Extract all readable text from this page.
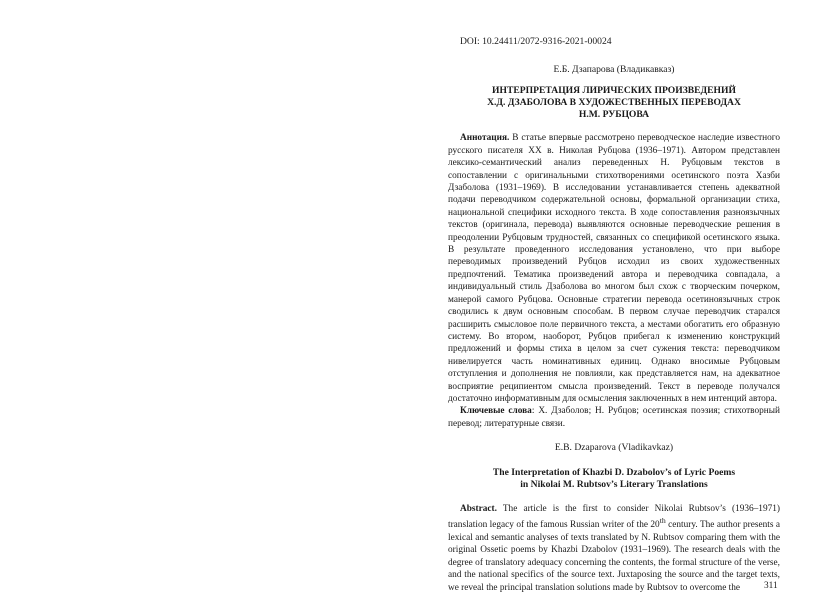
DOI: 10.24411/2072-9316-2021-00024
Е.Б. Дзапарова (Владикавказ)
ИНТЕРПРЕТАЦИЯ ЛИРИЧЕСКИХ ПРОИЗВЕДЕНИЙ
Х.Д. ДЗАБОЛОВА В ХУДОЖЕСТВЕННЫХ ПЕРЕВОДАХ
Н.М. РУБЦОВА

Аннотация. В статье впервые рассмотрено переводческое наследие известного русского писателя XX в. Николая Рубцова (1936–1971). Автором представлен лексико-семантический анализ переведенных Н. Рубцовым текстов в сопоставлении с оригинальными стихотворениями осетинского поэта Хазби Дзаболова (1931–1969). В исследовании устанавливается степень адекватной подачи переводчиком содержательной основы, формальной организации стиха, национальной специфики исходного текста. В ходе сопоставления разноязычных текстов (оригинала, перевода) выявляются основные переводческие решения в преодолении Рубцовым трудностей, связанных со спецификой осетинского языка. В результате проведенного исследования установлено, что при выборе переводимых произведений Рубцов исходил из своих художественных предпочтений. Тематика произведений автора и переводчика совпадала, а индивидуальный стиль Дзаболова во многом был схож с творческим почерком, манерой самого Рубцова. Основные стратегии перевода осетиноязычных строк сводились к двум основным способам. В первом случае переводчик старался расширить смысловое поле первичного текста, а местами обогатить его образную систему. Во втором, наоборот, Рубцов прибегал к изменению конструкций предложений и формы стиха в целом за счет сужения текста: переводчиком нивелируется часть номинативных единиц. Однако вносимые Рубцовым отступления и дополнения не повлияли, как представляется нам, на адекватное восприятие реципиентом смысла произведений. Текст в переводе получался достаточно информативным для осмысления заключенных в нем интенций автора.

Ключевые слова: Х. Дзаболов; Н. Рубцов; осетинская поэзия; стихотворный перевод; литературные связи.

E.B. Dzaparova (Vladikavkaz)
The Interpretation of Khazbi D. Dzabolov’s of Lyric Poems
in Nikolai M. Rubtsov’s Literary Translations

Abstract. The article is the first to consider Nikolai Rubtsov’s (1936–1971) translation legacy of the famous Russian writer of the 20th century. The author presents a lexical and semantic analyses of texts translated by N. Rubtsov comparing them with the original Ossetic poems by Khazbi Dzabolov (1931–1969). The research deals with the degree of translatory adequacy concerning the contents, the formal structure of the verse, and the national specifics of the source text. Juxtaposing the source and the target texts, we reveal the principal translation solutions made by Rubtsov to overcome the	311
